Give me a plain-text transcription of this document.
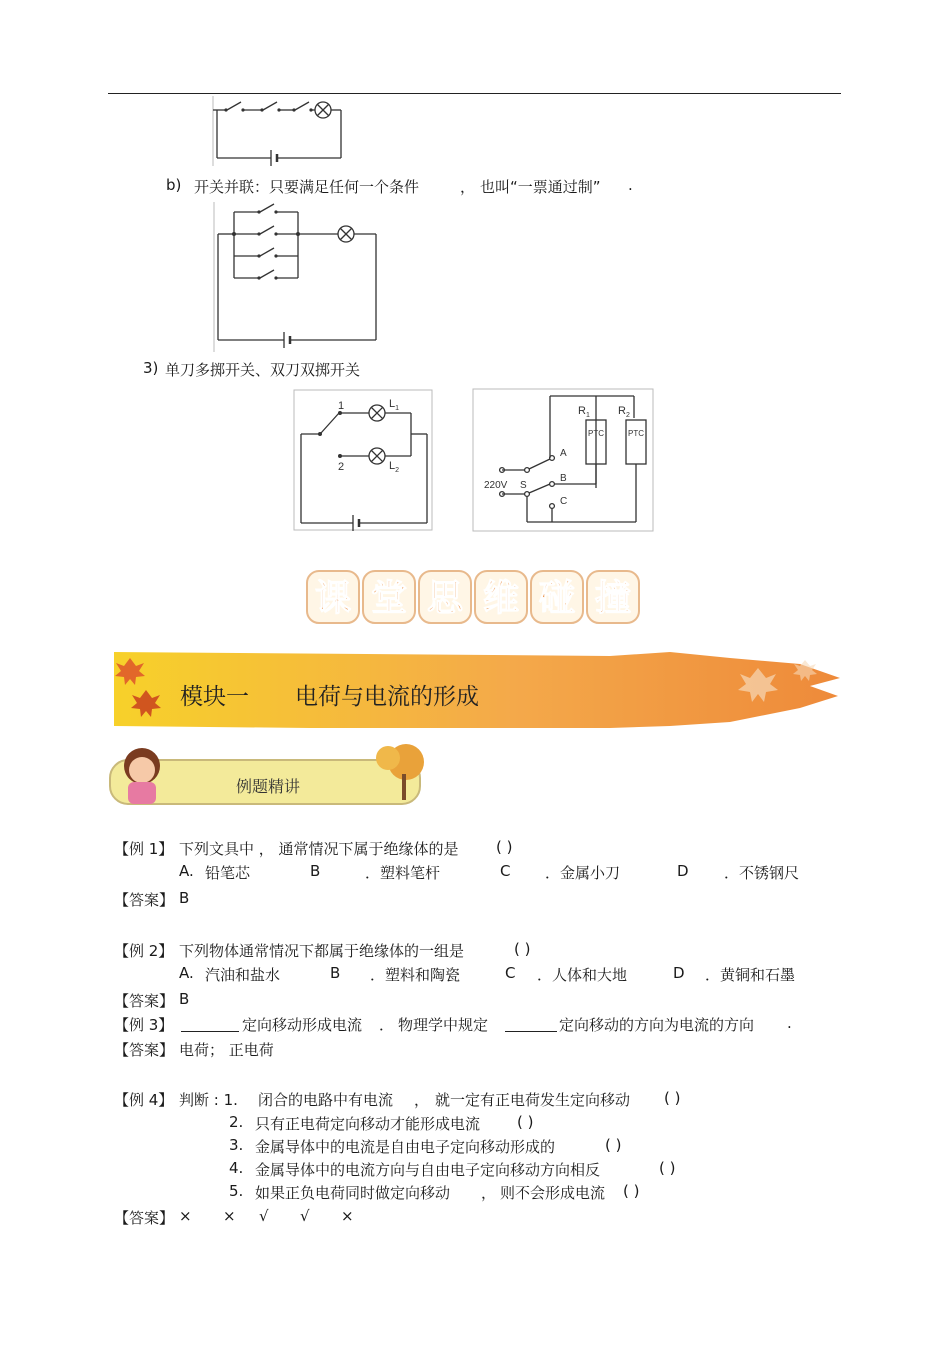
b) 开关并联：只要满足任何一个条件	， 也叫“一票通过制” .
3) 单刀多掷开关、双刀双掷开关
1	$L_1$
2	$L_2$
$R_1$	$R_2$
PTC	PTC
A
B
C
220V S
课 堂 思 维 碰 撞
模块一　　电荷与电流的形成
例题精讲
【例 1】 下列文具中 ， 通常情况下属于绝缘体的是 ( )
A. 铅笔芯	B	．塑料笔杆	C ．金属小刀	D ．不锈钢尺
【答案】 B
【例 2】 下列物体通常情况下都属于绝缘体的一组是	( )
A. 汽油和盐水	B ．塑料和陶瓷	C ．人体和大地	D ．黄铜和石墨
【答案】 B
【例 3】	定向移动形成电流 ． 物理学中规定	定向移动的方向为电流的方向 .
【答案】 电荷； 正电荷
【例 4】 判断 : 1. 闭合的电路中有电流 ， 就一定有正电荷发生定向移动 ( )
2. 只有正电荷定向移动才能形成电流 ( )
3. 金属导体中的电流是自由电子定向移动形成的	( )
4. 金属导体中的电流方向与自由电子定向移动方向相反	( )
5. 如果正负电荷同时做定向移动 ， 则不会形成电流 ( )
【答案】 × × √ √ ×
